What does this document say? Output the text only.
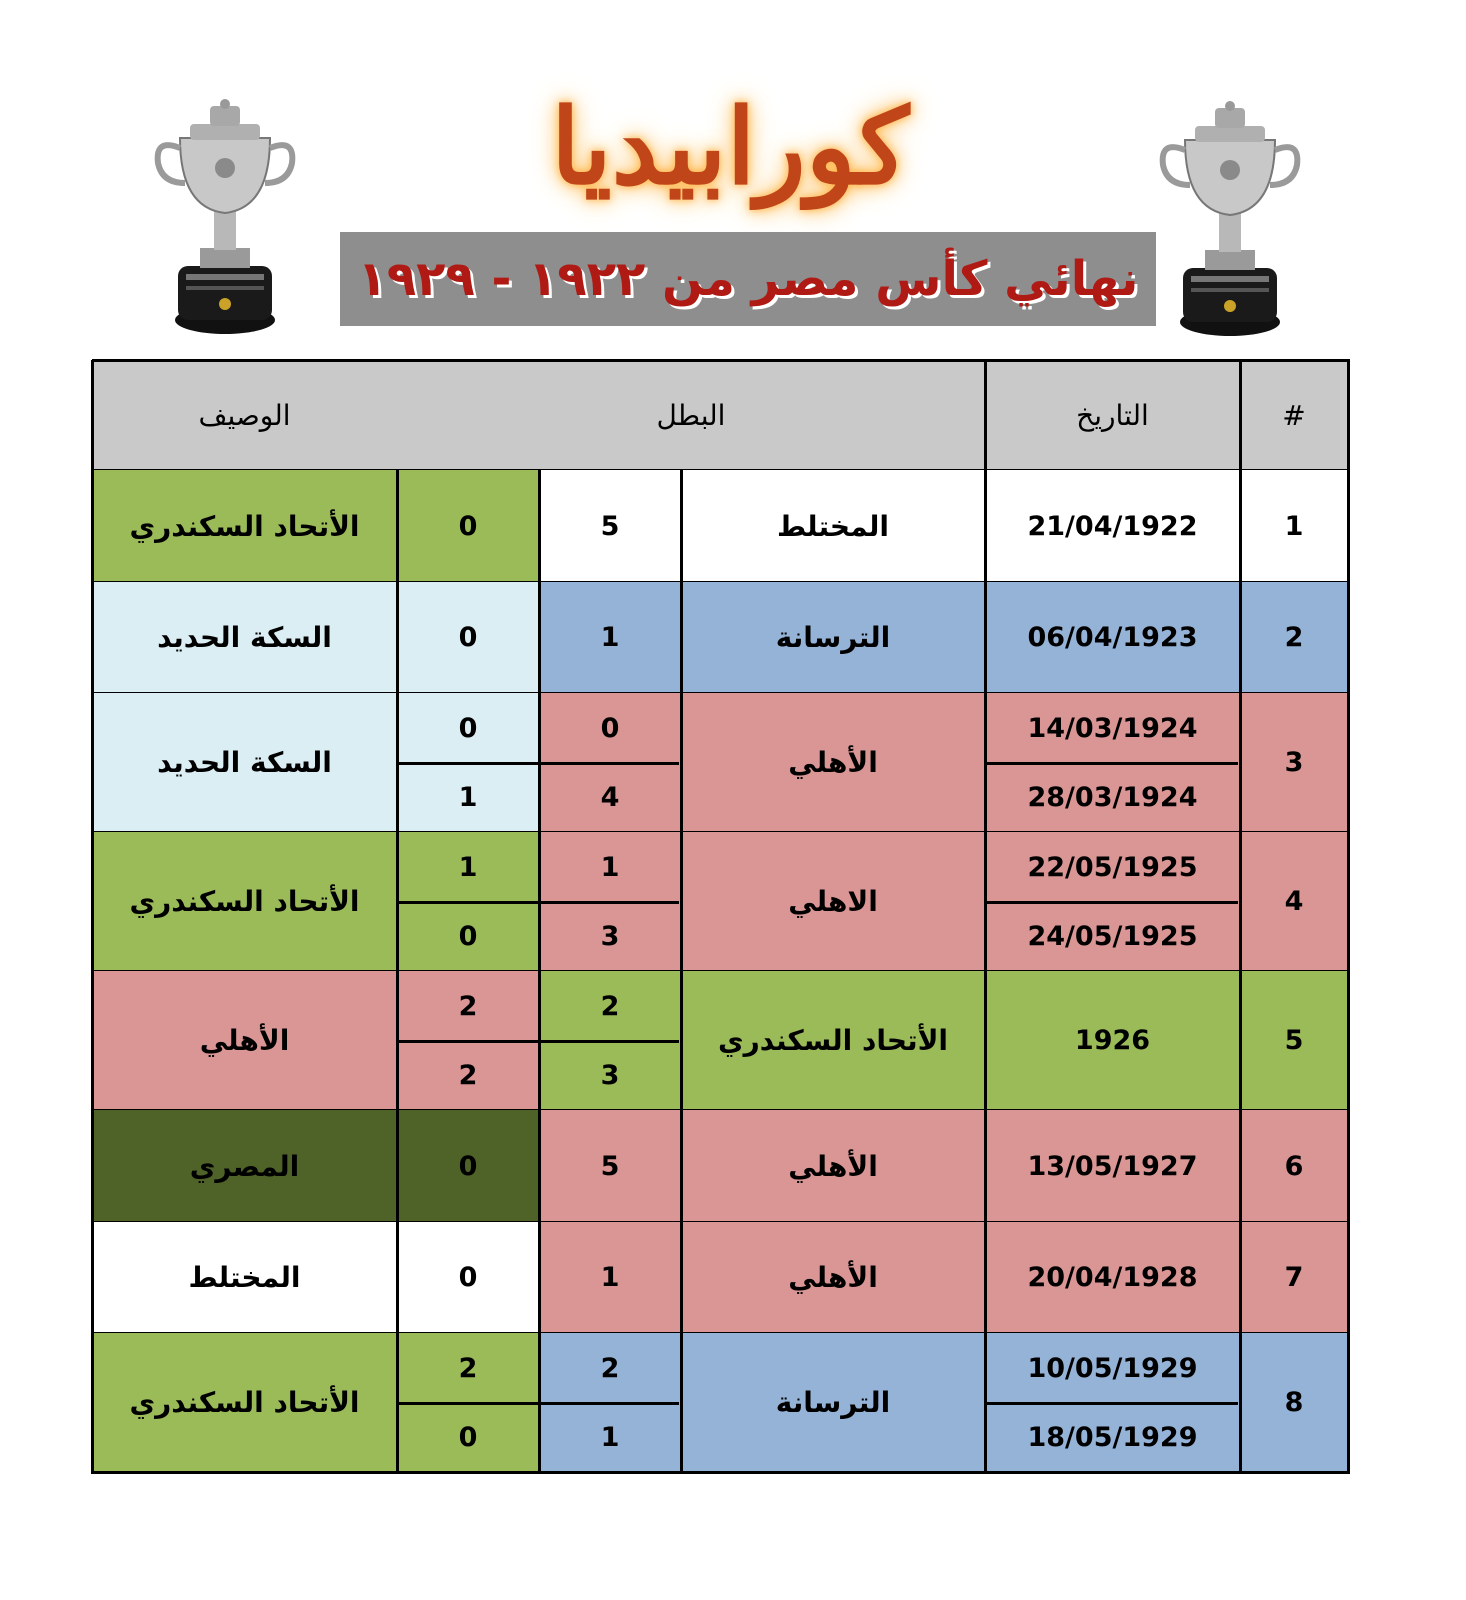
كورابيديا
نهائي كأس مصر من ١٩٢٢ - ١٩٢٩
#
التاريخ
البطل
الوصيف
1
21/04/1922
المختلط
5
0
الأتحاد السكندري
2
06/04/1923
الترسانة
1
0
السكة الحديد
3
14/03/1924
28/03/1924
الأهلي
0
4
0
1
السكة الحديد
4
22/05/1925
24/05/1925
الاهلي
1
3
1
0
الأتحاد السكندري
5
1926
الأتحاد السكندري
2
3
2
2
الأهلي
6
13/05/1927
الأهلي
5
0
المصري
7
20/04/1928
الأهلي
1
0
المختلط
8
10/05/1929
18/05/1929
الترسانة
2
1
2
0
الأتحاد السكندري
